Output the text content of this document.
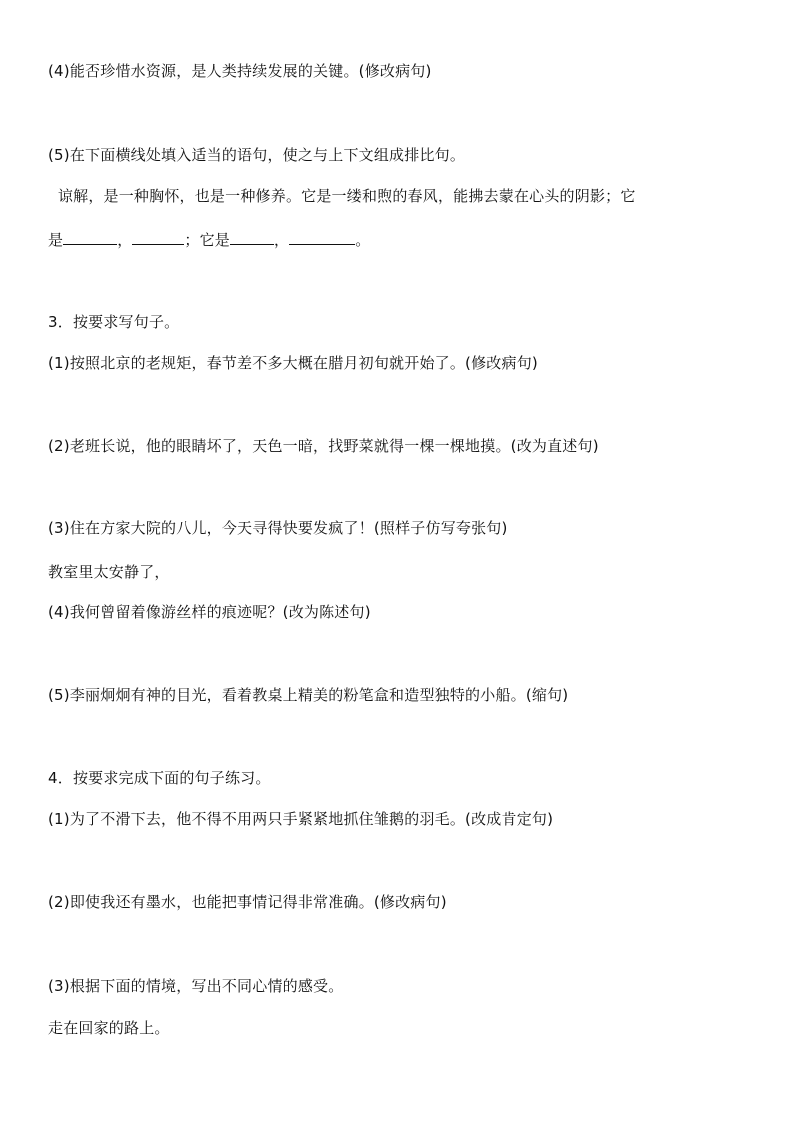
(4)能否珍惜水资源，是人类持续发展的关键。(修改病句)
(5)在下面横线处填入适当的语句，使之与上下文组成排比句。
谅解，是一种胸怀，也是一种修养。它是一缕和煦的春风，能拂去蒙在心头的阴影；它
是	，	；它是	，	。
3．按要求写句子。
(1)按照北京的老规矩，春节差不多大概在腊月初旬就开始了。(修改病句)
(2)老班长说，他的眼睛坏了，天色一暗，找野菜就得一棵一棵地摸。(改为直述句)
(3)住在方家大院的八儿，今天寻得快要发疯了！(照样子仿写夸张句)
教室里太安静了，
(4)我何曾留着像游丝样的痕迹呢？(改为陈述句)
(5)李丽炯炯有神的目光，看着教桌上精美的粉笔盒和造型独特的小船。(缩句)
4．按要求完成下面的句子练习。
(1)为了不滑下去，他不得不用两只手紧紧地抓住雏鹅的羽毛。(改成肯定句)
(2)即使我还有墨水，也能把事情记得非常准确。(修改病句)
(3)根据下面的情境，写出不同心情的感受。
走在回家的路上。
